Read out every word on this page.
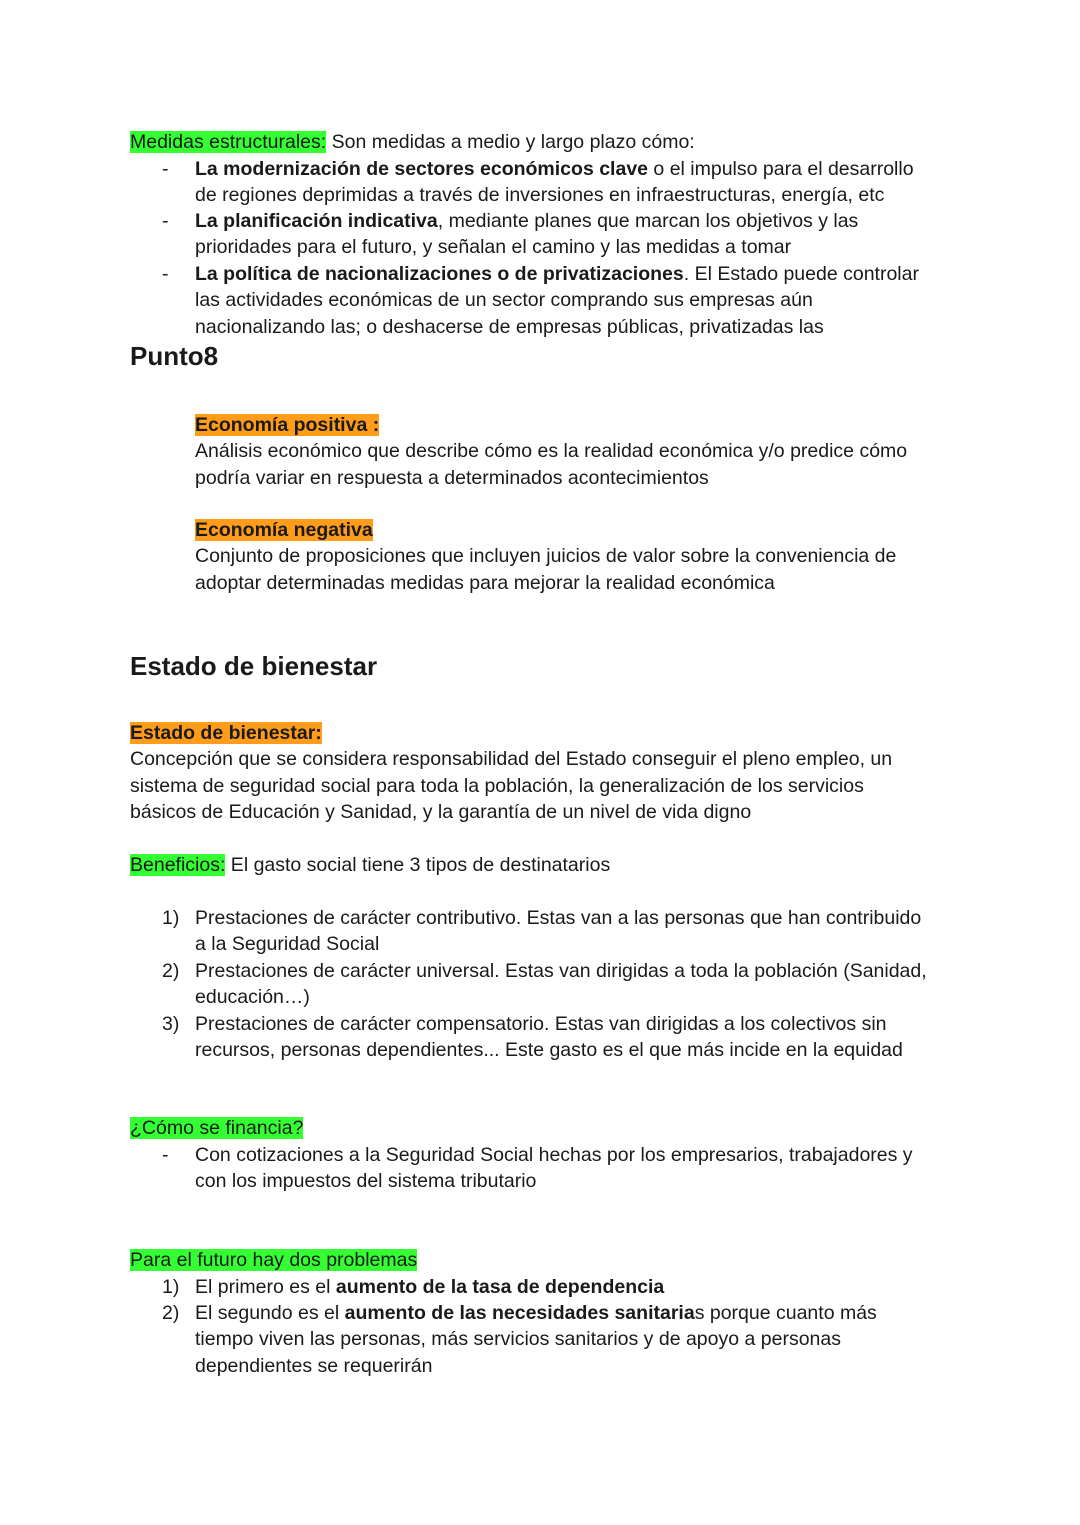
Medidas estructurales: Son medidas a medio y largo plazo cómo:
-	La modernización de sectores económicos clave o el impulso para el desarrollo
de regiones deprimidas a través de inversiones en infraestructuras, energía, etc
-	La planificación indicativa, mediante planes que marcan los objetivos y las
prioridades para el futuro, y señalan el camino y las medidas a tomar
-	La política de nacionalizaciones o de privatizaciones. El Estado puede controlar
las actividades económicas de un sector comprando sus empresas aún
nacionalizando las; o deshacerse de empresas públicas, privatizadas las
Punto8
Economía positiva :
Análisis económico que describe cómo es la realidad económica y/o predice cómo
podría variar en respuesta a determinados acontecimientos
Economía negativa
Conjunto de proposiciones que incluyen juicios de valor sobre la conveniencia de
adoptar determinadas medidas para mejorar la realidad económica
Estado de bienestar
Estado de bienestar:
Concepción que se considera responsabilidad del Estado conseguir el pleno empleo, un
sistema de seguridad social para toda la población, la generalización de los servicios
básicos de Educación y Sanidad, y la garantía de un nivel de vida digno
Beneficios: El gasto social tiene 3 tipos de destinatarios
1) Prestaciones de carácter contributivo. Estas van a las personas que han contribuido
a la Seguridad Social
2) Prestaciones de carácter universal. Estas van dirigidas a toda la población (Sanidad,
educación…)
3) Prestaciones de carácter compensatorio. Estas van dirigidas a los colectivos sin
recursos, personas dependientes... Este gasto es el que más incide en la equidad
¿Cómo se financia?
-	Con cotizaciones a la Seguridad Social hechas por los empresarios, trabajadores y
con los impuestos del sistema tributario
Para el futuro hay dos problemas
1) El primero es el aumento de la tasa de dependencia
2) El segundo es el aumento de las necesidades sanitarias porque cuanto más
tiempo viven las personas, más servicios sanitarios y de apoyo a personas
dependientes se requerirán
